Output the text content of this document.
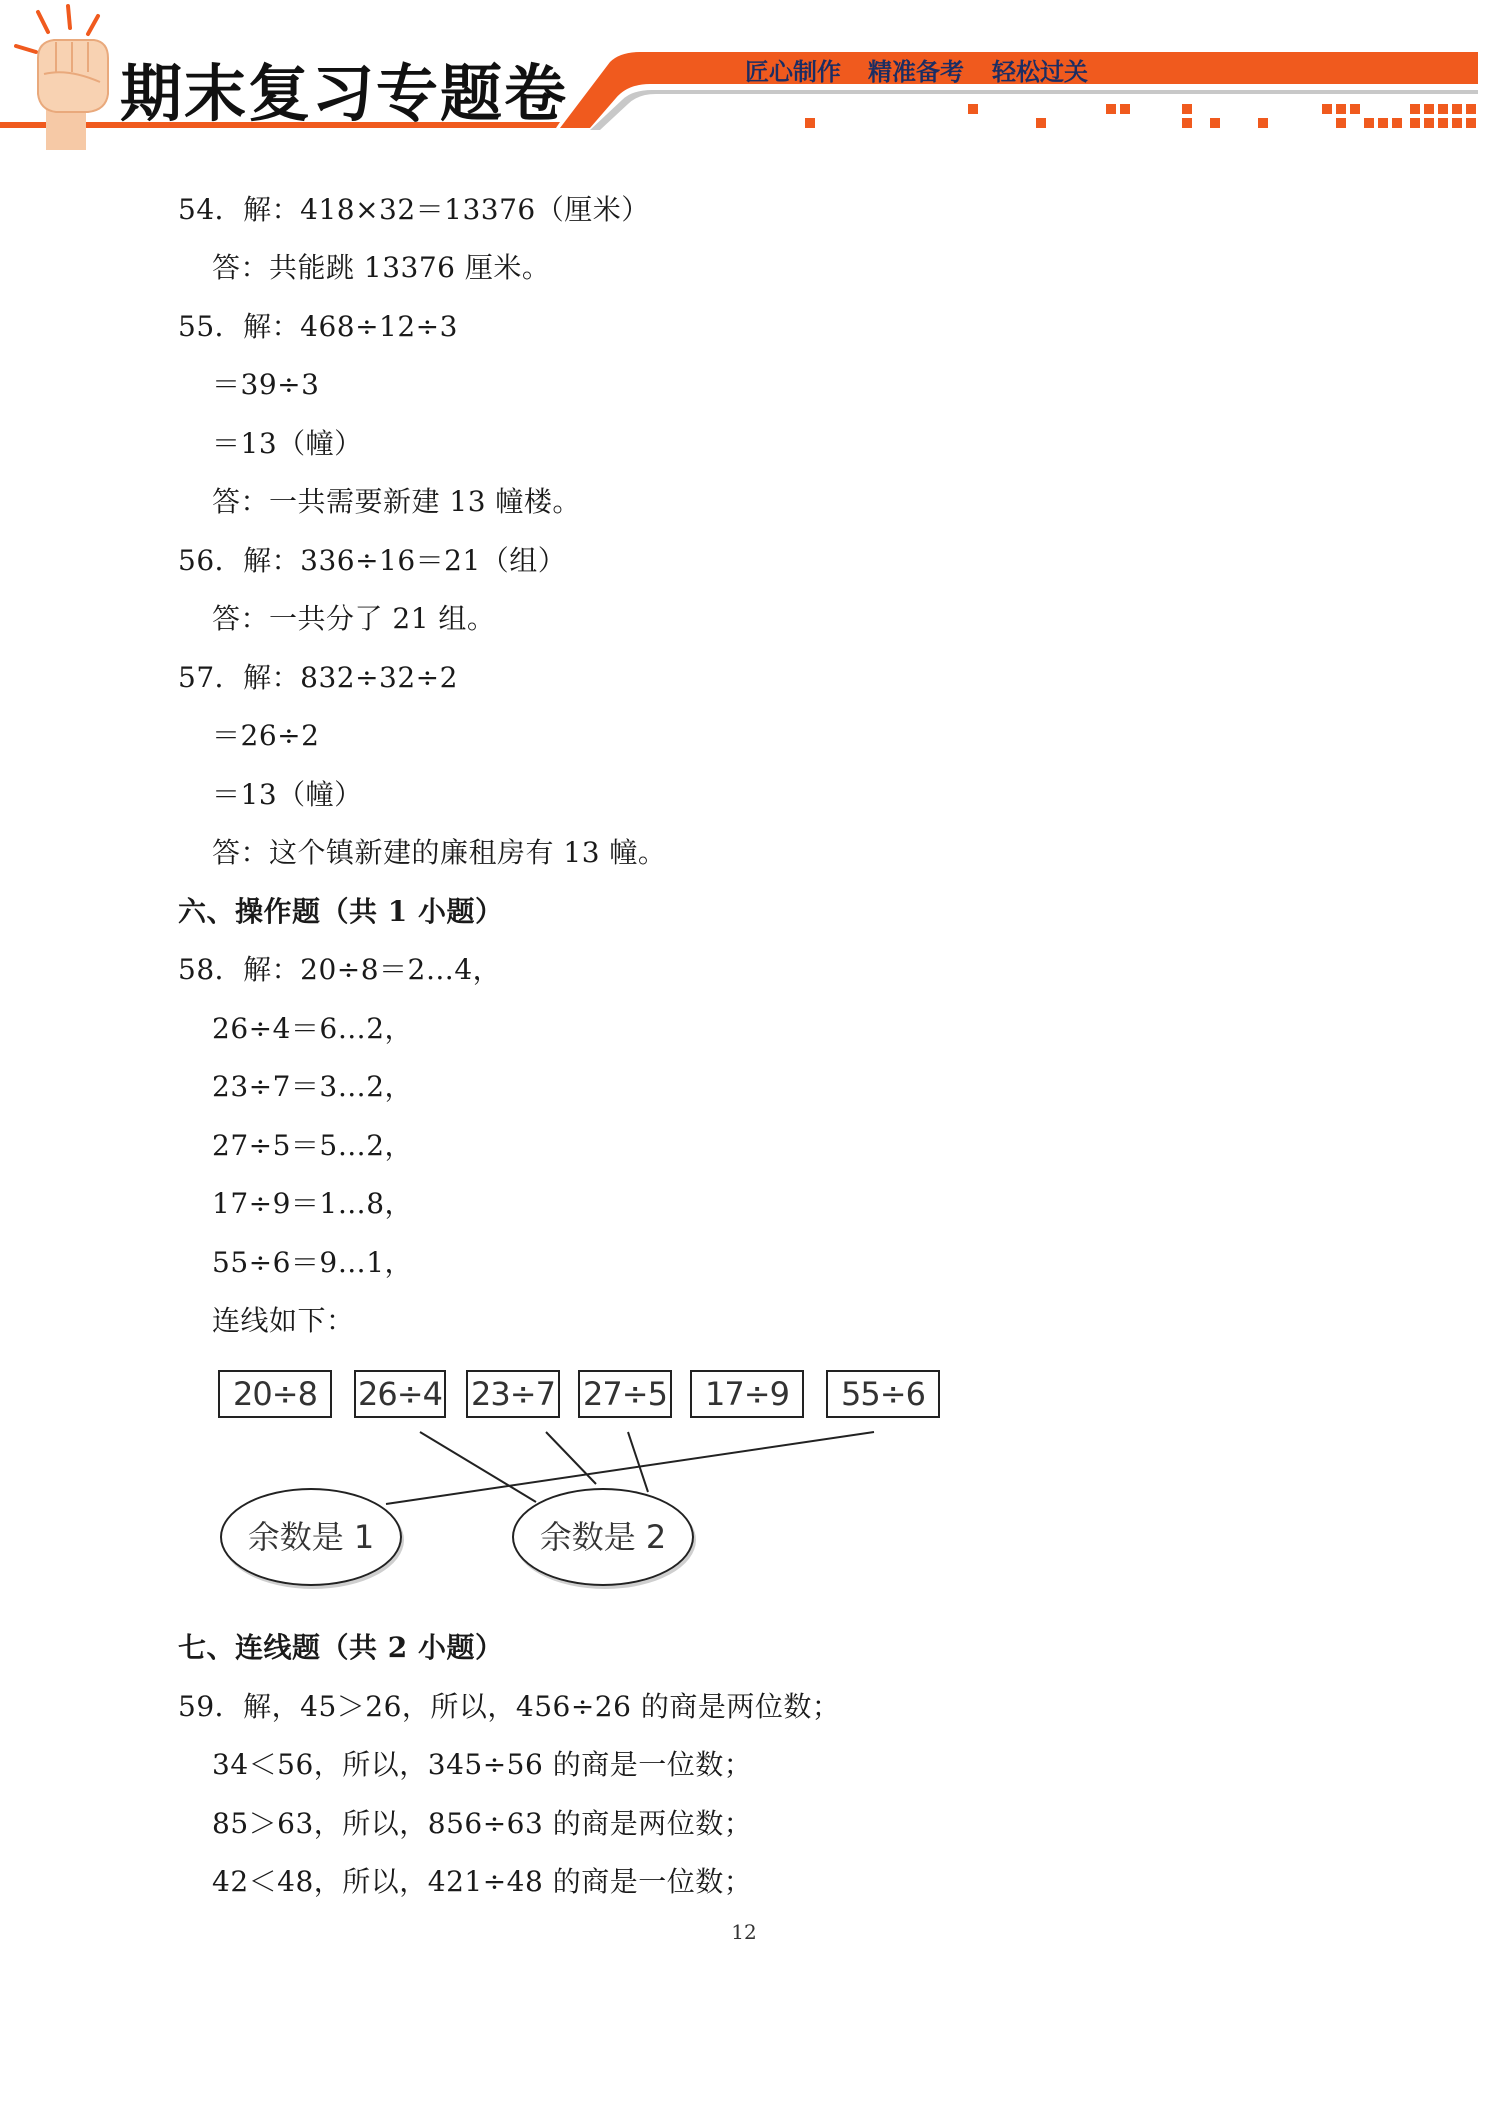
期末复习专题卷	匠心制作 精准备考 轻松过关
54．解：418×32＝13376（厘米）
答：共能跳 13376 厘米。
55．解：468÷12÷3
＝39÷3
＝13（幢）
答：一共需要新建 13 幢楼。
56．解：336÷16＝21（组）
答：一共分了 21 组。
57．解：832÷32÷2
＝26÷2
＝13（幢）
答：这个镇新建的廉租房有 13 幢。
六、操作题（共 1 小题）
58．解：20÷8＝2…4，
26÷4＝6…2，
23÷7＝3…2，
27÷5＝5…2，
17÷9＝1…8，
55÷6＝9…1，
连线如下：
20÷8	26÷4 23÷7 27÷5	17÷9	55÷6
余数是 1	余数是 2
七、连线题（共 2 小题）
59．解，45＞26，所以，456÷26 的商是两位数；
34＜56，所以，345÷56 的商是一位数；
85＞63，所以，856÷63 的商是两位数；
42＜48，所以，421÷48 的商是一位数；
12
